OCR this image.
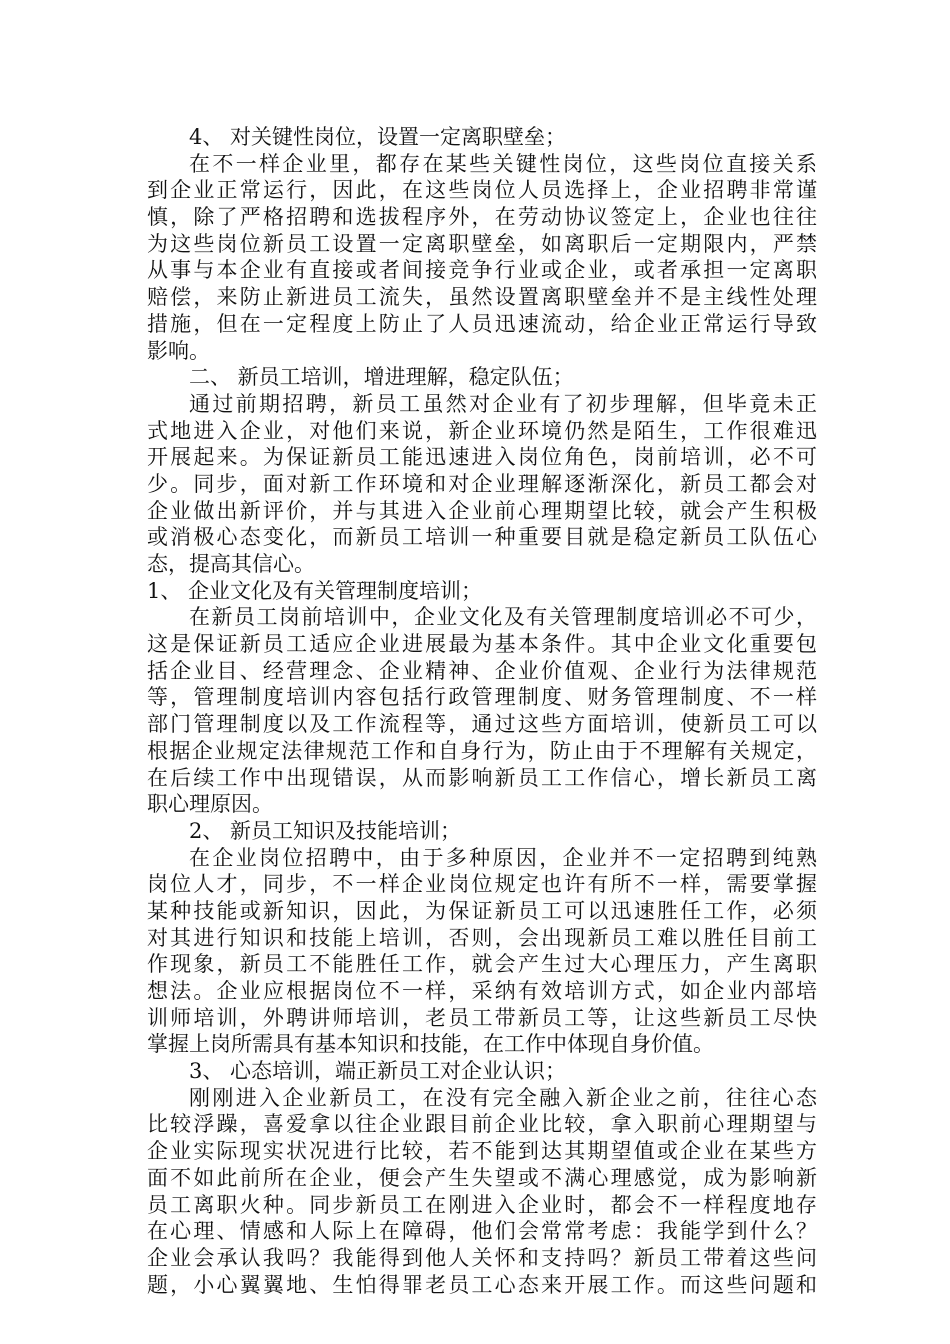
4、 对关键性岗位，设置一定离职壁垒；
在不一样企业里，都存在某些关键性岗位，这些岗位直接关系
到企业正常运行，因此，在这些岗位人员选择上，企业招聘非常谨
慎，除了严格招聘和选拔程序外，在劳动协议签定上，企业也往往
为这些岗位新员工设置一定离职壁垒，如离职后一定期限内，严禁
从事与本企业有直接或者间接竞争行业或企业，或者承担一定离职
赔偿，来防止新进员工流失，虽然设置离职壁垒并不是主线性处理
措施，但在一定程度上防止了人员迅速流动，给企业正常运行导致
影响。
二、 新员工培训，增进理解，稳定队伍；
通过前期招聘，新员工虽然对企业有了初步理解，但毕竟未正
式地进入企业，对他们来说，新企业环境仍然是陌生，工作很难迅
开展起来。为保证新员工能迅速进入岗位角色，岗前培训，必不可
少。同步，面对新工作环境和对企业理解逐渐深化，新员工都会对
企业做出新评价，并与其进入企业前心理期望比较，就会产生积极
或消极心态变化，而新员工培训一种重要目就是稳定新员工队伍心
态，提高其信心。
1、 企业文化及有关管理制度培训；
在新员工岗前培训中，企业文化及有关管理制度培训必不可少，
这是保证新员工适应企业进展最为基本条件。其中企业文化重要包
括企业目、经营理念、企业精神、企业价值观、企业行为法律规范
等，管理制度培训内容包括行政管理制度、财务管理制度、不一样
部门管理制度以及工作流程等，通过这些方面培训，使新员工可以
根据企业规定法律规范工作和自身行为，防止由于不理解有关规定，
在后续工作中出现错误，从而影响新员工工作信心，增长新员工离
职心理原因。
2、 新员工知识及技能培训；
在企业岗位招聘中，由于多种原因，企业并不一定招聘到纯熟
岗位人才，同步，不一样企业岗位规定也许有所不一样，需要掌握
某种技能或新知识，因此，为保证新员工可以迅速胜任工作，必须
对其进行知识和技能上培训，否则，会出现新员工难以胜任目前工
作现象，新员工不能胜任工作，就会产生过大心理压力，产生离职
想法。企业应根据岗位不一样，采纳有效培训方式，如企业内部培
训师培训，外聘讲师培训，老员工带新员工等，让这些新员工尽快
掌握上岗所需具有基本知识和技能，在工作中体现自身价值。
3、 心态培训，端正新员工对企业认识；
刚刚进入企业新员工，在没有完全融入新企业之前，往往心态
比较浮躁，喜爱拿以往企业跟目前企业比较，拿入职前心理期望与
企业实际现实状况进行比较，若不能到达其期望值或企业在某些方
面不如此前所在企业，便会产生失望或不满心理感觉，成为影响新
员工离职火种。同步新员工在刚进入企业时，都会不一样程度地存
在心理、情感和人际上在障碍，他们会常常考虑：我能学到什么？
企业会承认我吗？我能得到他人关怀和支持吗？新员工带着这些问
题，小心翼翼地、生怕得罪老员工心态来开展工作。而这些问题和
